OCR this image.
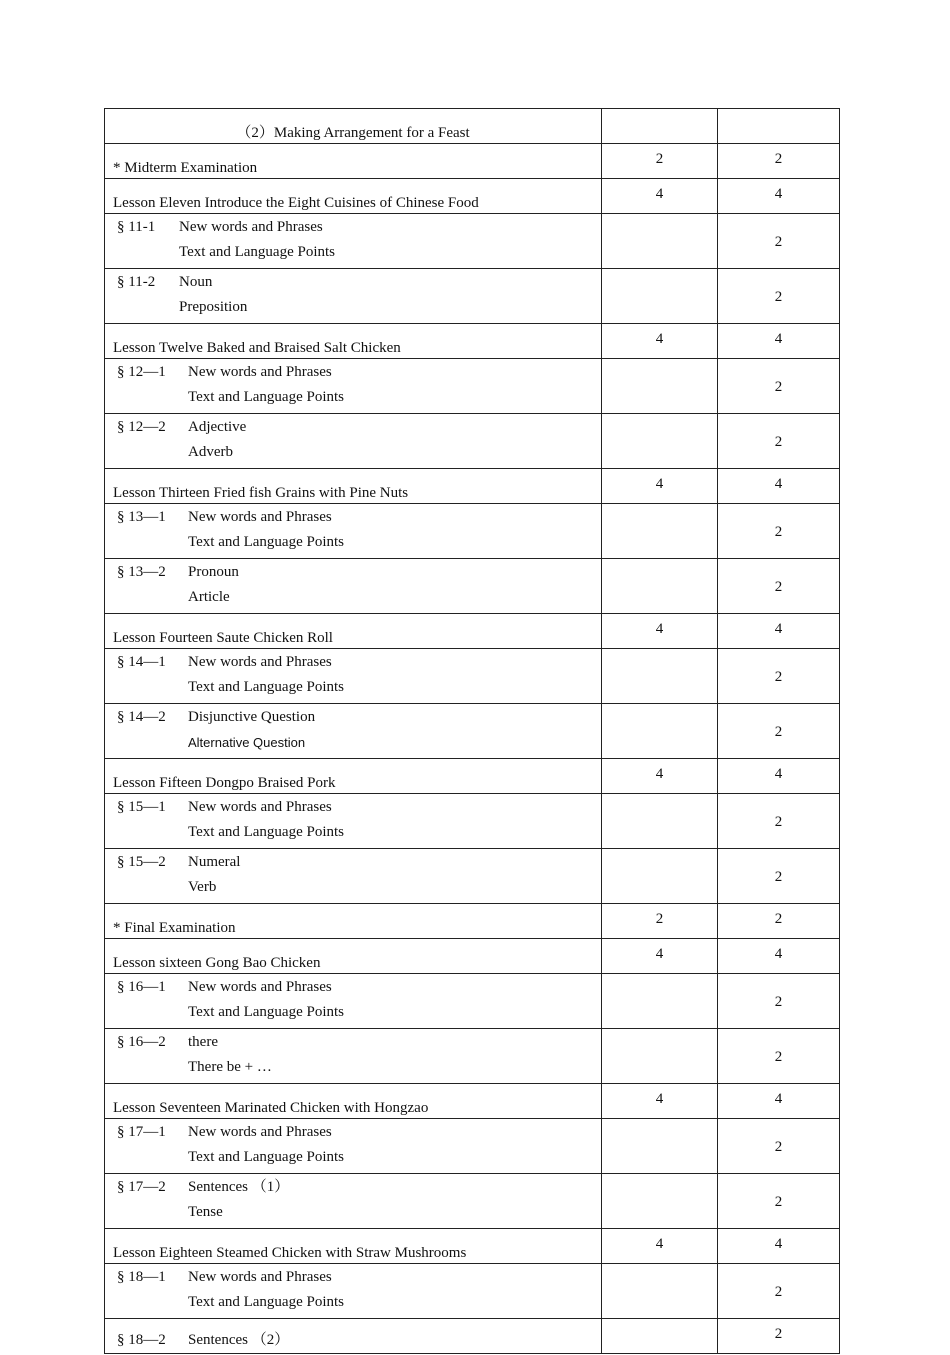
（2）Making Arrangement for a Feast		
* Midterm Examination	2	2
Lesson Eleven Introduce the Eight Cuisines of Chinese Food	4	4

§ 11-1 New words and Phrases
Text and Language Points		2

§ 11-2 Noun
Preposition		2
Lesson Twelve Baked and Braised Salt Chicken	4	4

§ 12—1 New words and Phrases
Text and Language Points		2

§ 12—2 Adjective
Adverb		2
Lesson Thirteen Fried fish Grains with Pine Nuts	4	4

§ 13—1 New words and Phrases
Text and Language Points		2

§ 13—2 Pronoun
Article		2
Lesson Fourteen Saute Chicken Roll	4	4

§ 14—1 New words and Phrases
Text and Language Points		2

§ 14—2 Disjunctive Question
Alternative Question		2
Lesson Fifteen Dongpo Braised Pork	4	4

§ 15—1 New words and Phrases
Text and Language Points		2

§ 15—2 Numeral
Verb		2
* Final Examination	2	2
Lesson sixteen Gong Bao Chicken	4	4

§ 16—1 New words and Phrases
Text and Language Points		2

§ 16—2 there
There be + …		2
Lesson Seventeen Marinated Chicken with Hongzao	4	4

§ 17—1 New words and Phrases
Text and Language Points		2

§ 17—2 Sentences （1）
Tense		2
Lesson Eighteen Steamed Chicken with Straw Mushrooms	4	4

§ 18—1 New words and Phrases
Text and Language Points		2

§ 18—2 Sentences （2）		2
